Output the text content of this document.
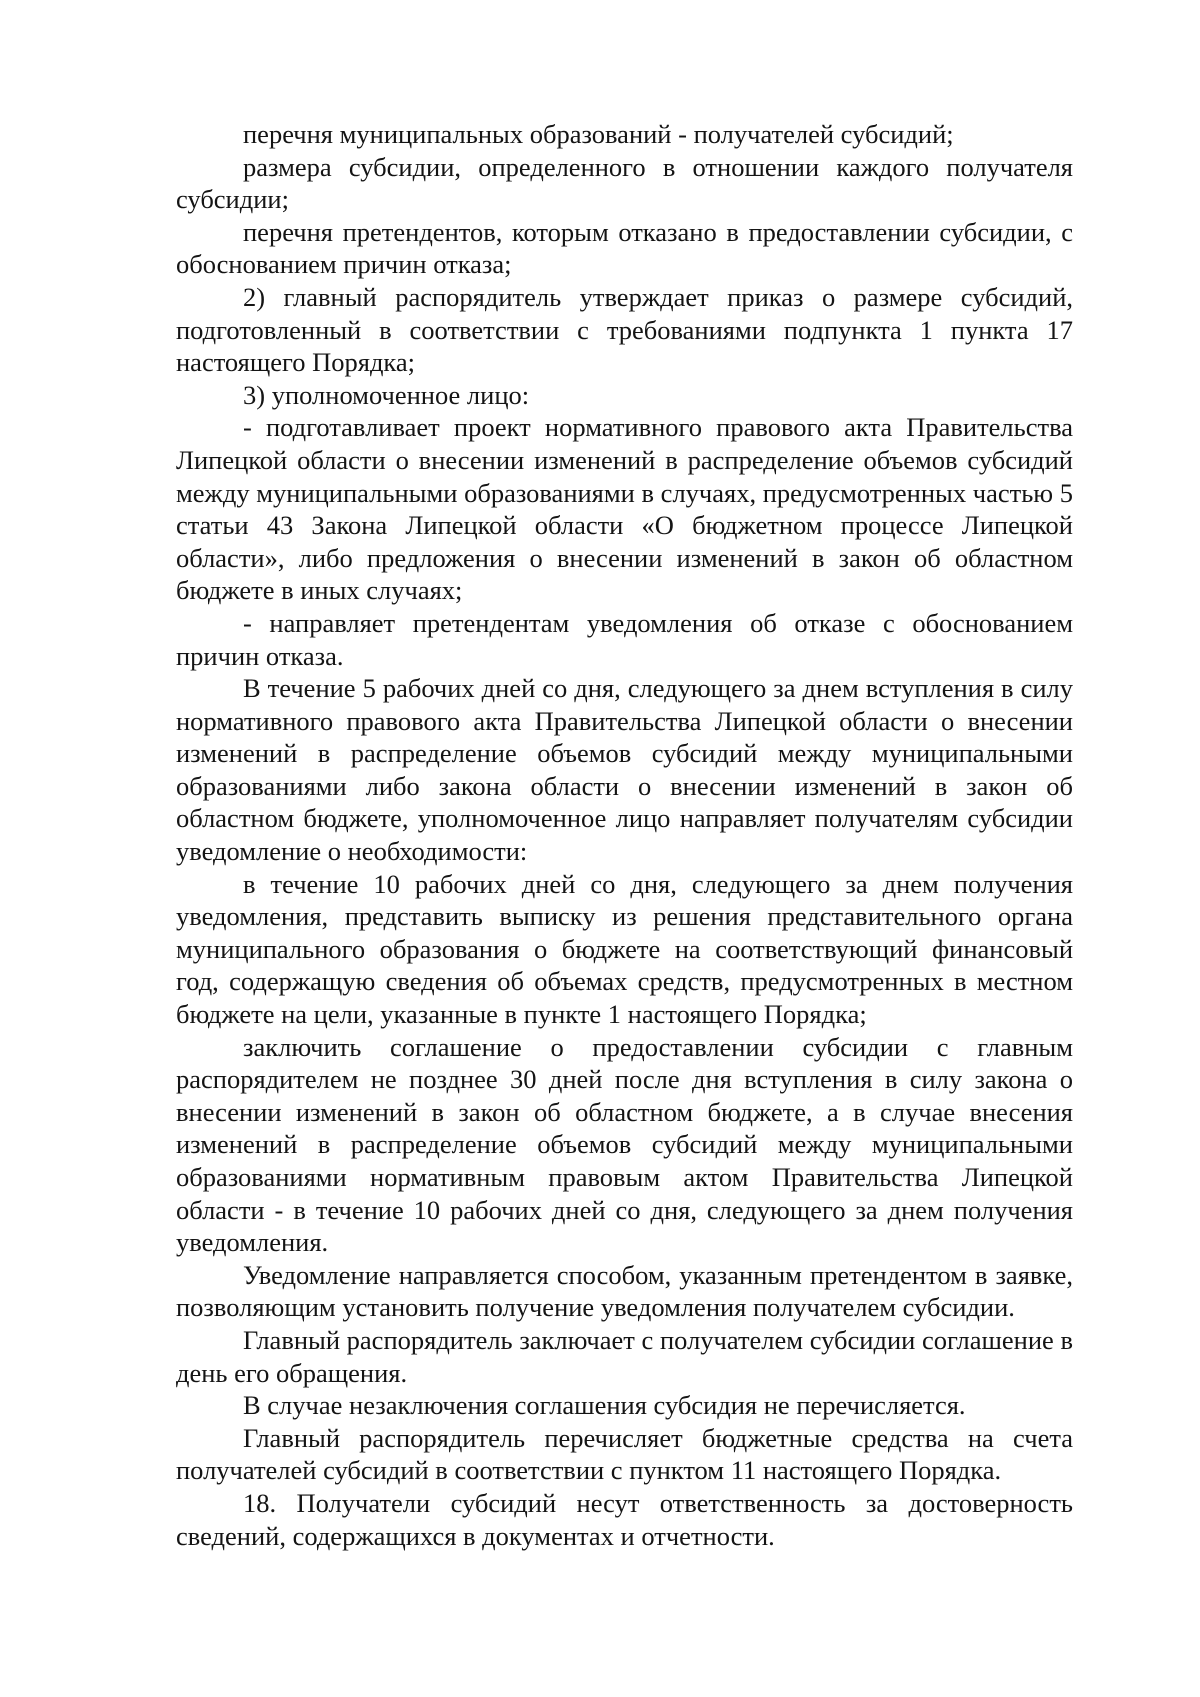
перечня муниципальных образований - получателей субсидий;

размера субсидии, определенного в отношении каждого получателя субсидии;

перечня претендентов, которым отказано в предоставлении субсидии, с обоснованием причин отказа;

2) главный распорядитель утверждает приказ о размере субсидий, подготовленный в соответствии с требованиями подпункта 1 пункта 17 настоящего Порядка;

3) уполномоченное лицо:

- подготавливает проект нормативного правового акта Правительства Липецкой области о внесении изменений в распределение объемов субсидий между муниципальными образованиями в случаях, предусмотренных частью 5 статьи 43 Закона Липецкой области «О бюджетном процессе Липецкой области», либо предложения о внесении изменений в закон об областном бюджете в иных случаях;

- направляет претендентам уведомления об отказе с обоснованием причин отказа.

В течение 5 рабочих дней со дня, следующего за днем вступления в силу нормативного правового акта Правительства Липецкой области о внесении изменений в распределение объемов субсидий между муниципальными образованиями либо закона области о внесении изменений в закон об областном бюджете, уполномоченное лицо направляет получателям субсидии уведомление о необходимости:

в течение 10 рабочих дней со дня, следующего за днем получения уведомления, представить выписку из решения представительного органа муниципального образования о бюджете на соответствующий финансовый год, содержащую сведения об объемах средств, предусмотренных в местном бюджете на цели, указанные в пункте 1 настоящего Порядка;

заключить соглашение о предоставлении субсидии с главным распорядителем не позднее 30 дней после дня вступления в силу закона о внесении изменений в закон об областном бюджете, а в случае внесения изменений в распределение объемов субсидий между муниципальными образованиями нормативным правовым актом Правительства Липецкой области - в течение 10 рабочих дней со дня, следующего за днем получения уведомления.

Уведомление направляется способом, указанным претендентом в заявке, позволяющим установить получение уведомления получателем субсидии.

Главный распорядитель заключает с получателем субсидии соглашение в день его обращения.

В случае незаключения соглашения субсидия не перечисляется.

Главный распорядитель перечисляет бюджетные средства на счета получателей субсидий в соответствии с пунктом 11 настоящего Порядка.

18. Получатели субсидий несут ответственность за достоверность сведений, содержащихся в документах и отчетности.
